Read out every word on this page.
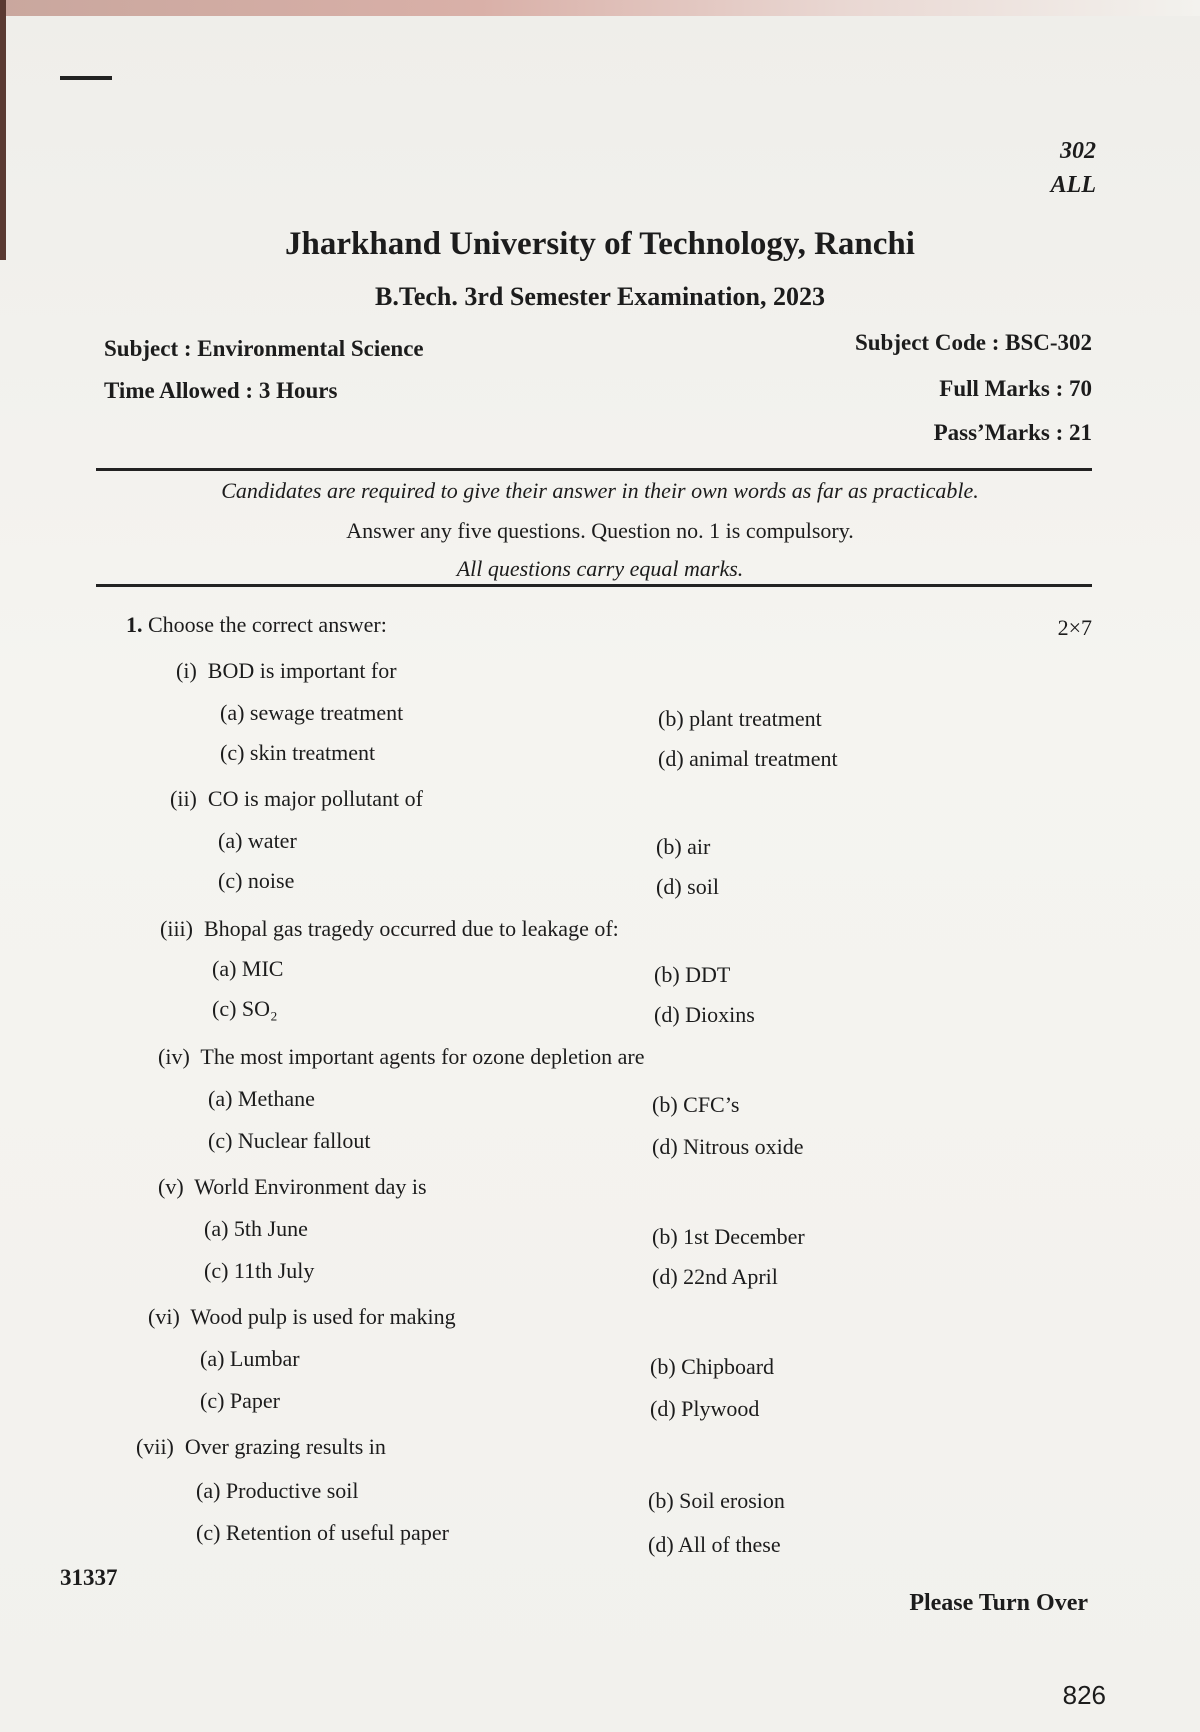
302
ALL
Jharkhand University of Technology, Ranchi
B.Tech. 3rd Semester Examination, 2023
Subject : Environmental Science
Time Allowed : 3 Hours
Subject Code : BSC-302
Full Marks : 70
Pass’Marks : 21
Candidates are required to give their answer in their own words as far as practicable.
Answer any five questions. Question no. 1 is compulsory.
All questions carry equal marks.
1. Choose the correct answer:	2×7
(i) BOD is important for
(a) sewage treatment	(b) plant treatment
(c) skin treatment	(d) animal treatment
(ii) CO is major pollutant of
(a) water	(b) air
(c) noise	(d) soil
(iii) Bhopal gas tragedy occurred due to leakage of:
(a) MIC	(b) DDT
(c) SO₂	(d) Dioxins
(iv) The most important agents for ozone depletion are
(a) Methane	(b) CFC’s
(c) Nuclear fallout	(d) Nitrous oxide
(v) World Environment day is
(a) 5th June	(b) 1st December
(c) 11th July	(d) 22nd April
(vi) Wood pulp is used for making
(a) Lumbar	(b) Chipboard
(c) Paper	(d) Plywood
(vii) Over grazing results in
(a) Productive soil	(b) Soil erosion
(c) Retention of useful paper	(d) All of these
31337
Please Turn Over
826
